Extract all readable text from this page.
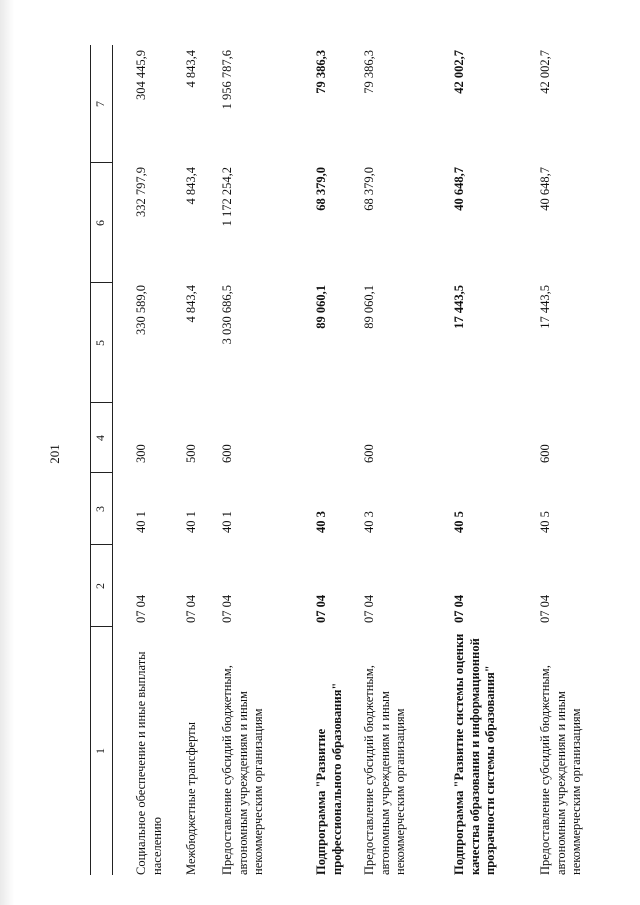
201
1
2
3
4
5
6
7
Социальное обеспечение и иные выплаты населению
07 04
40 1
300
330 589,0
332 797,9
304 445,9
Межбюджетные трансферты
07 04
40 1
500
4 843,4
4 843,4
4 843,4
Предоставление субсидий бюджетным, автономным учреждениям и иным некоммерческим организациям
07 04
40 1
600
3 030 686,5
1 172 254,2
1 956 787,6
Подпрограмма "Развитие профессионального образования"
07 04
40 3
89 060,1
68 379,0
79 386,3
Предоставление субсидий бюджетным, автономным учреждениям и иным некоммерческим организациям
07 04
40 3
600
89 060,1
68 379,0
79 386,3
Подпрограмма "Развитие системы оценки качества образования и информационной прозрачности системы образования"
07 04
40 5
17 443,5
40 648,7
42 002,7
Предоставление субсидий бюджетным, автономным учреждениям и иным некоммерческим организациям
07 04
40 5
600
17 443,5
40 648,7
42 002,7
